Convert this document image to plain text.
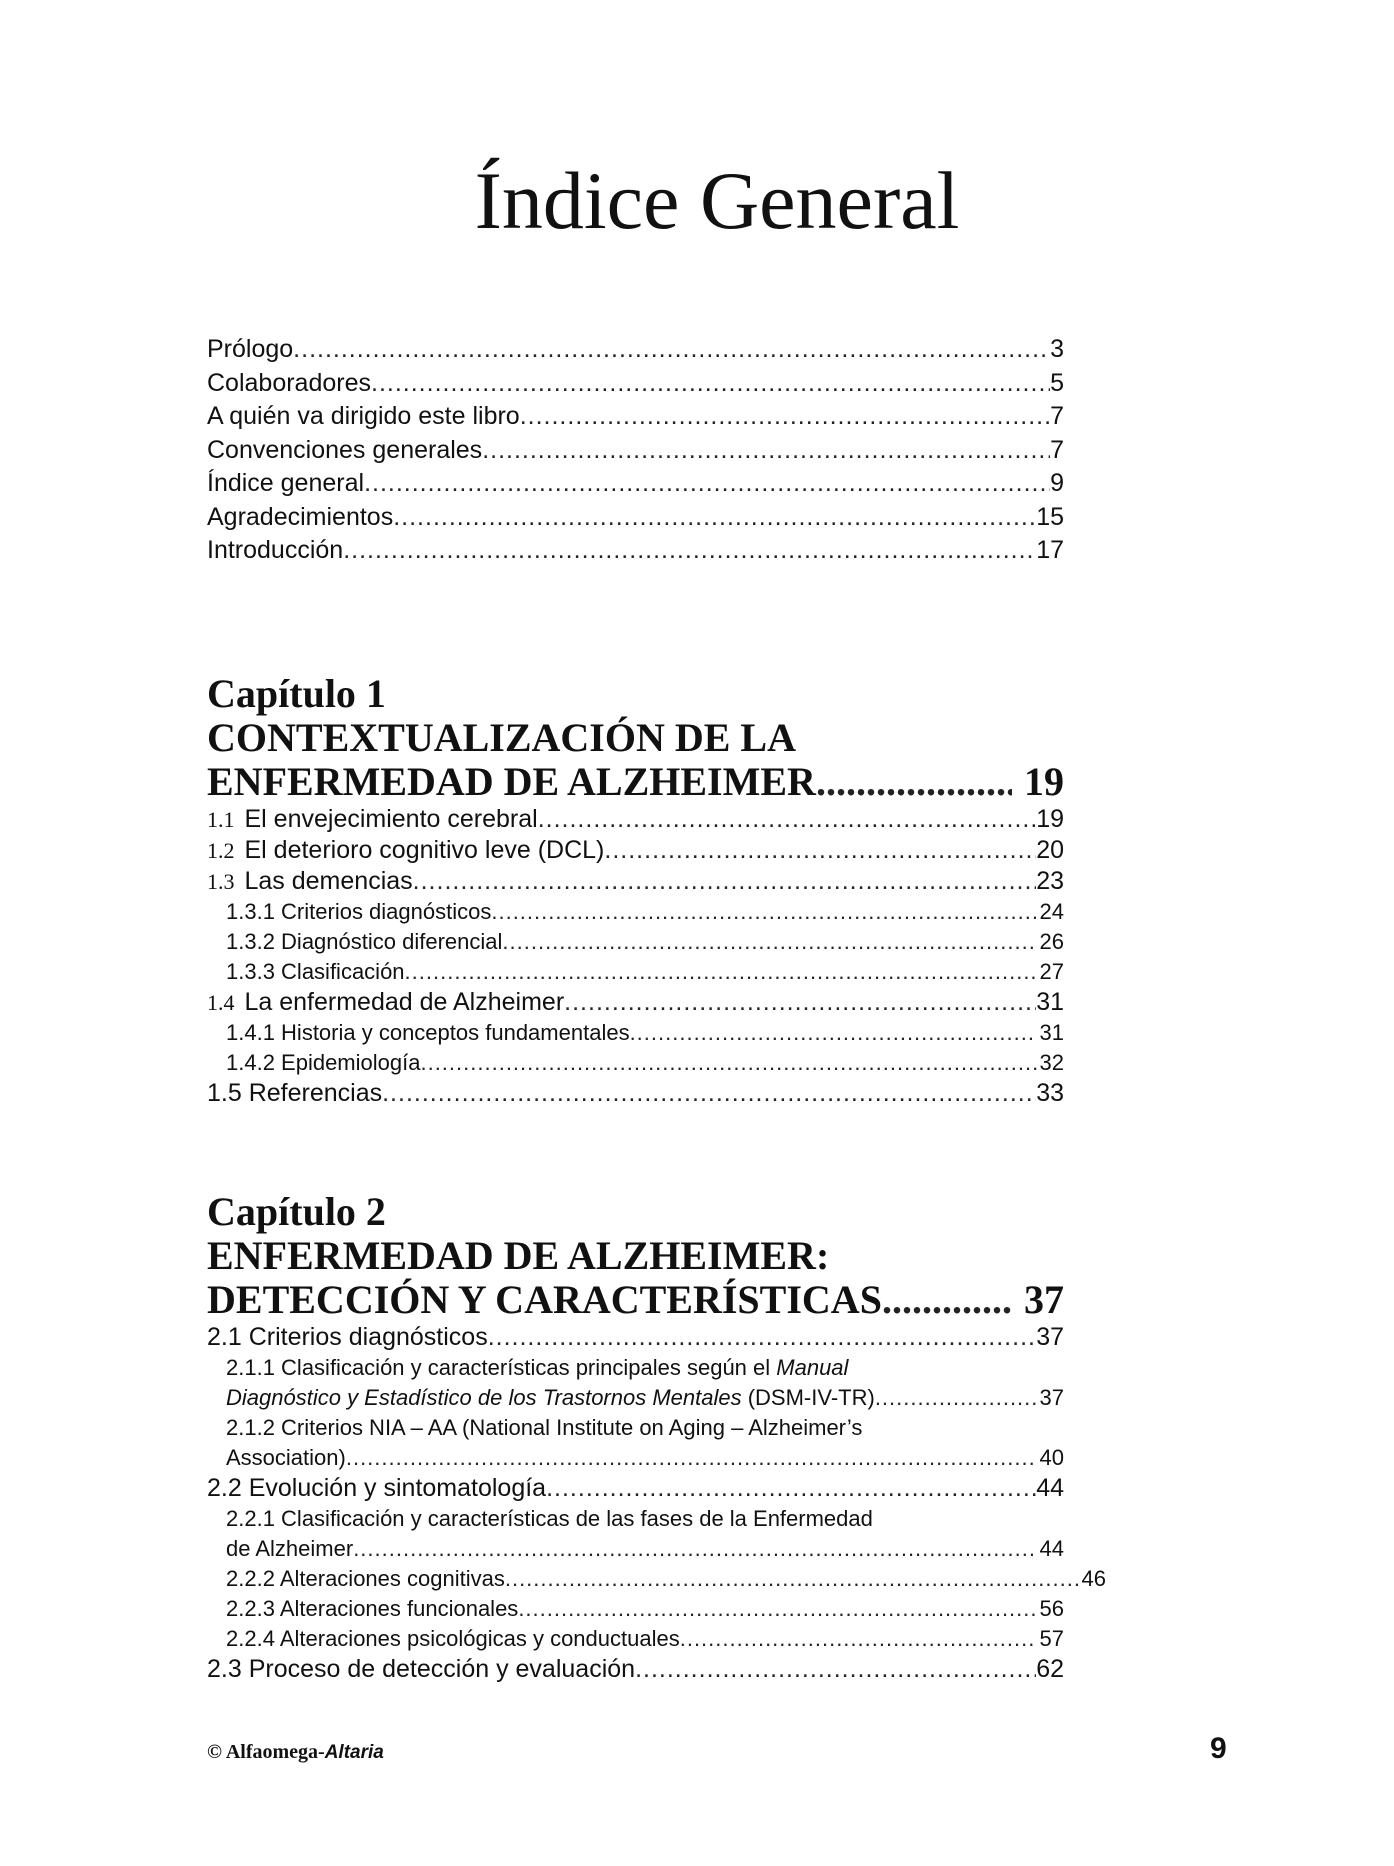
Índice General
Prólogo .....	3
Colaboradores .....	5
A quién va dirigido este libro .....	7
Convenciones generales .....	7
Índice general .....	9
Agradecimientos .....	15
Introducción .....	17
Capítulo 1
CONTEXTUALIZACIÓN DE LA
ENFERMEDAD DE ALZHEIMER .....	19
1.1 El envejecimiento cerebral .....	19
1.2 El deterioro cognitivo leve (DCL) .....	20
1.3 Las demencias .....	23
1.3.1 Criterios diagnósticos .....	24
1.3.2 Diagnóstico diferencial .....	26
1.3.3 Clasificación .....	27
1.4 La enfermedad de Alzheimer .....	31
1.4.1 Historia y conceptos fundamentales .....	31
1.4.2 Epidemiología .....	32
1.5 Referencias .....	33
Capítulo 2
ENFERMEDAD DE ALZHEIMER:
DETECCIÓN Y CARACTERÍSTICAS .....	37
2.1 Criterios diagnósticos .....	37
2.1.1 Clasificación y características principales según el Manual
Diagnóstico y Estadístico de los Trastornos Mentales (DSM-IV-TR) .....	37
2.1.2 Criterios NIA – AA (National Institute on Aging – Alzheimer’s
Association) .....	40
2.2 Evolución y sintomatología .....	44
2.2.1 Clasificación y características de las fases de la Enfermedad
de Alzheimer .....	44
2.2.2 Alteraciones cognitivas .....	46
2.2.3 Alteraciones funcionales .....	56
2.2.4 Alteraciones psicológicas y conductuales .....	57
2.3 Proceso de detección y evaluación .....	62
© Alfaomega-Altaria	9
